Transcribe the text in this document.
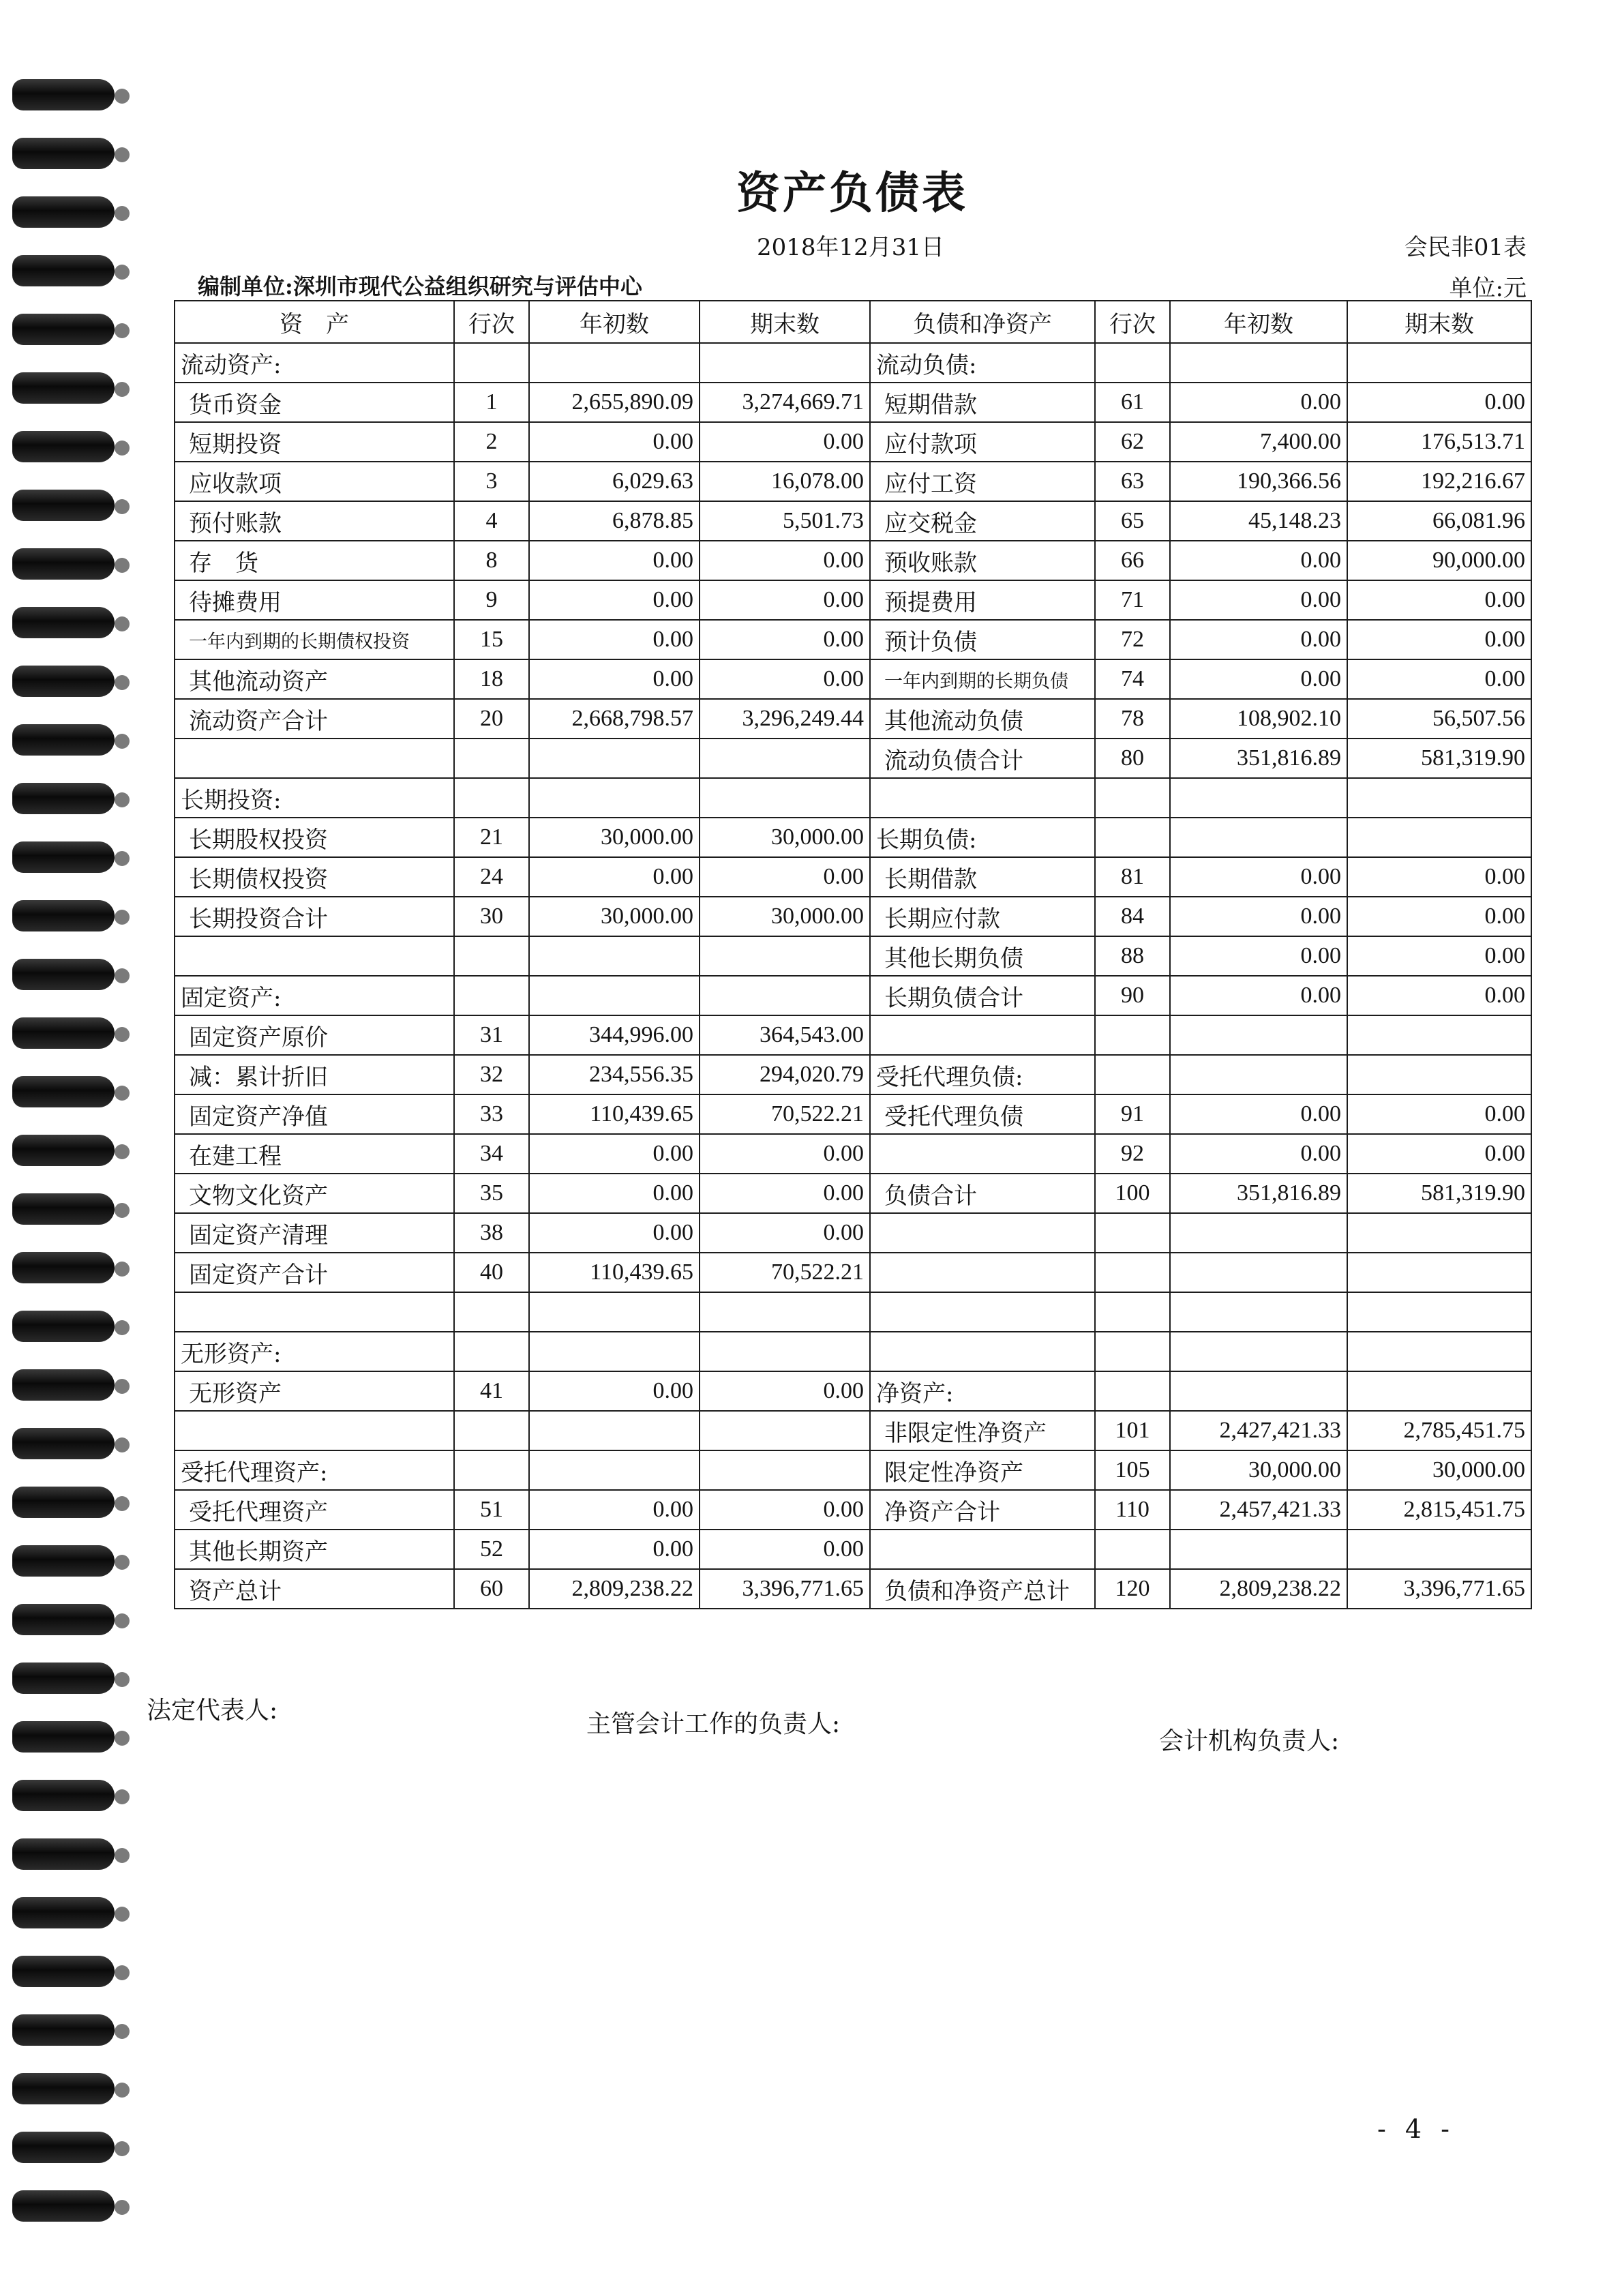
资产负债表
2018年12月31日	会民非01表
编制单位:深圳市现代公益组织研究与评估中心	单位:元
资　产	行次	年初数	期末数	负债和净资产	行次	年初数	期末数
流动资产:				流动负债:			
货币资金	1	2,655,890.09	3,274,669.71	短期借款	61	0.00	0.00
短期投资	2	0.00	0.00	应付款项	62	7,400.00	176,513.71
应收款项	3	6,029.63	16,078.00	应付工资	63	190,366.56	192,216.67
预付账款	4	6,878.85	5,501.73	应交税金	65	45,148.23	66,081.96
存　货	8	0.00	0.00	预收账款	66	0.00	90,000.00
待摊费用	9	0.00	0.00	预提费用	71	0.00	0.00
一年内到期的长期债权投资	15	0.00	0.00	预计负债	72	0.00	0.00
其他流动资产	18	0.00	0.00	一年内到期的长期负债	74	0.00	0.00
流动资产合计	20	2,668,798.57	3,296,249.44	其他流动负债	78	108,902.10	56,507.56
				流动负债合计	80	351,816.89	581,319.90
长期投资:							
长期股权投资	21	30,000.00	30,000.00	长期负债:			
长期债权投资	24	0.00	0.00	长期借款	81	0.00	0.00
长期投资合计	30	30,000.00	30,000.00	长期应付款	84	0.00	0.00
				其他长期负债	88	0.00	0.00
固定资产:				长期负债合计	90	0.00	0.00
固定资产原价	31	344,996.00	364,543.00				
减：累计折旧	32	234,556.35	294,020.79	受托代理负债:			
固定资产净值	33	110,439.65	70,522.21	受托代理负债	91	0.00	0.00
在建工程	34	0.00	0.00		92	0.00	0.00
文物文化资产	35	0.00	0.00	负债合计	100	351,816.89	581,319.90
固定资产清理	38	0.00	0.00				
固定资产合计	40	110,439.65	70,522.21				

无形资产:							
无形资产	41	0.00	0.00	净资产:			
				非限定性净资产	101	2,427,421.33	2,785,451.75
受托代理资产:				限定性净资产	105	30,000.00	30,000.00
受托代理资产	51	0.00	0.00	净资产合计	110	2,457,421.33	2,815,451.75
其他长期资产	52	0.00	0.00				
资产总计	60	2,809,238.22	3,396,771.65	负债和净资产总计	120	2,809,238.22	3,396,771.65
法定代表人:	主管会计工作的负责人:
会计机构负责人:
- 4 -
